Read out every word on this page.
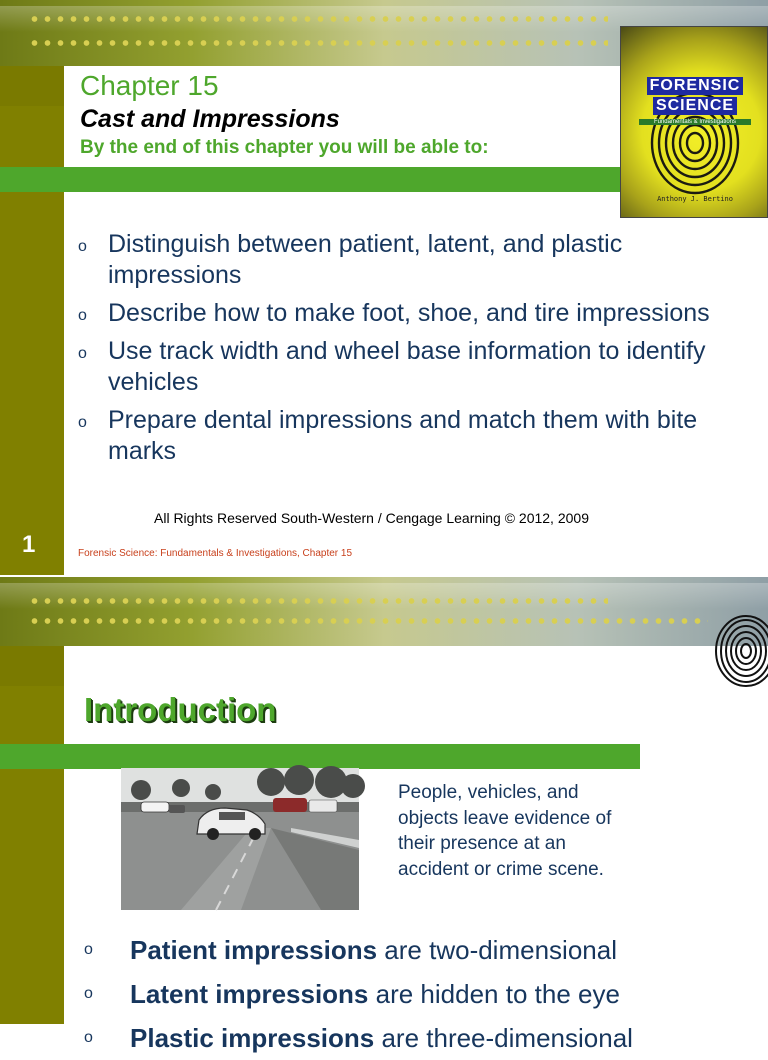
Chapter 15
Cast and Impressions
By the end of this chapter you will be able to:
FORENSIC SCIENCE
Fundamentals & Investigations
Anthony J. Bertino
o Distinguish between patient, latent, and plastic impressions
o Describe how to make foot, shoe, and tire impressions
o Use track width and wheel base information to identify vehicles
o Prepare dental impressions and match them with bite marks
All Rights Reserved South-Western / Cengage Learning © 2012, 2009
1	Forensic Science: Fundamentals & Investigations, Chapter 15
Introduction
People, vehicles, and objects leave evidence of their presence at an accident or crime scene.
o Patient impressions are two-dimensional
o Latent impressions are hidden to the eye
o Plastic impressions are three-dimensional
